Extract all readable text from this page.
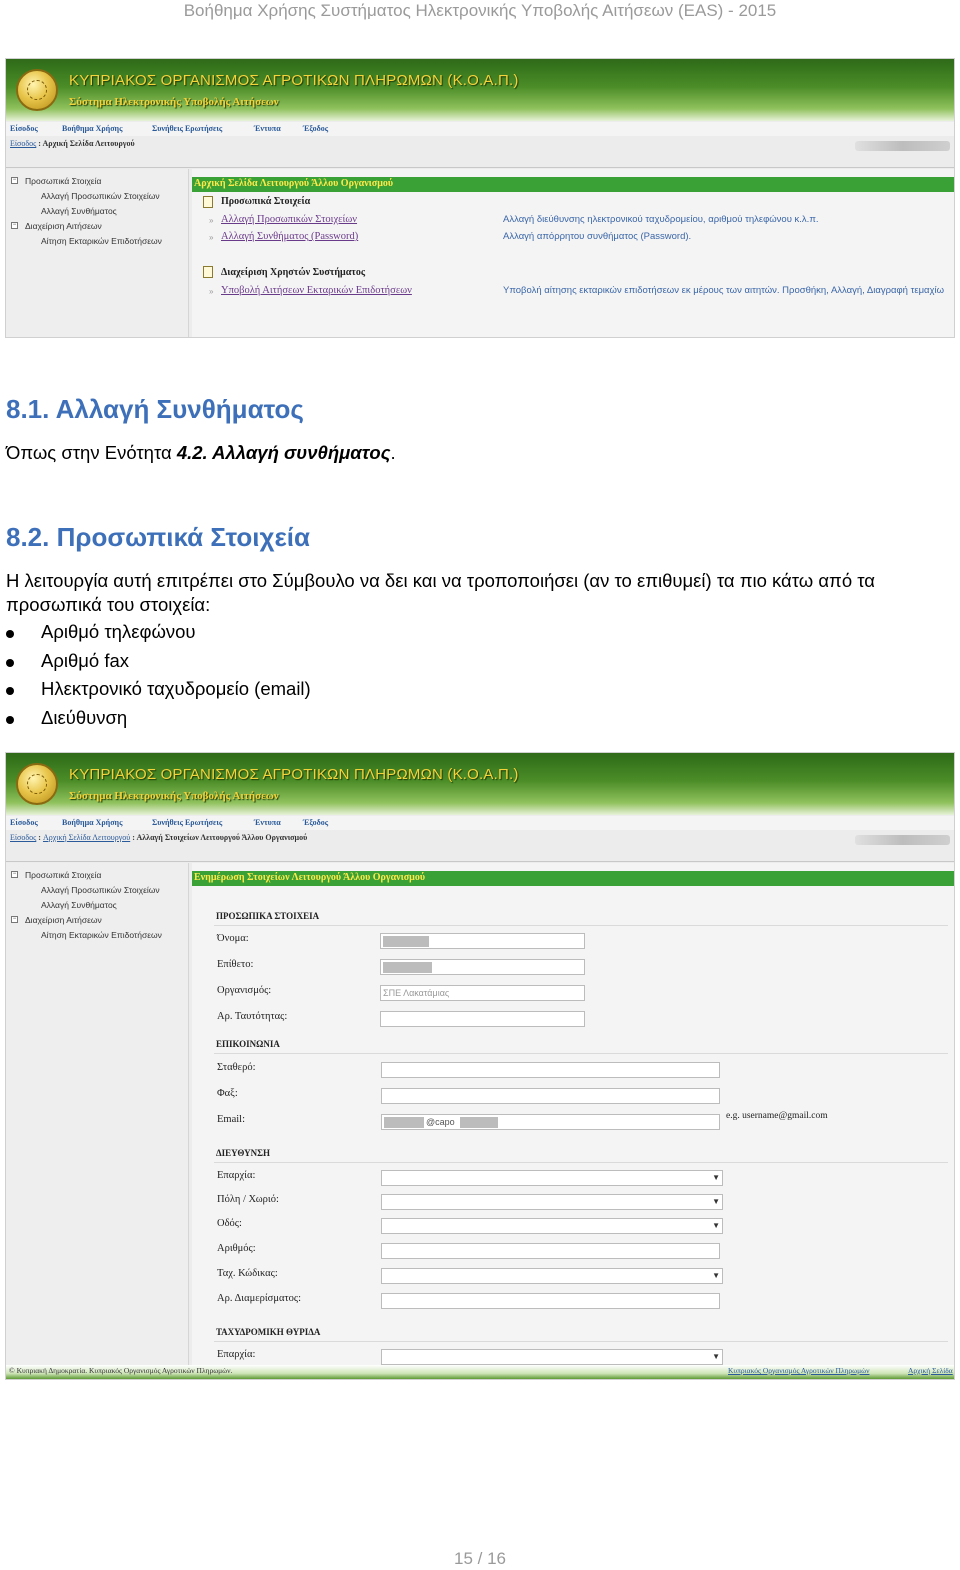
Βοήθημα Χρήσης Συστήματος Ηλεκτρονικής Υποβολής Αιτήσεων (EAS) - 2015
ΚΥΠΡΙΑΚΟΣ ΟΡΓΑΝΙΣΜΟΣ ΑΓΡΟΤΙΚΩΝ ΠΛΗΡΩΜΩΝ (Κ.Ο.Α.Π.)
Σύστημα Ηλεκτρονικής Υποβολής Αιτήσεων
Είσοδος	Βοήθημα Χρήσης	Συνήθεις Ερωτήσεις	Έντυπα	Έξοδος
Είσοδος : Αρχική Σελίδα Λειτουργού
− Προσωπικά Στοιχεία
Αλλαγή Προσωπικών Στοιχείων
Αλλαγή Συνθήματος
− Διαχείριση Αιτήσεων
Αίτηση Εκταρικών Επιδοτήσεων
Αρχική Σελίδα Λειτουργού Άλλου Οργανισμού
Προσωπικά Στοιχεία
» Αλλαγή Προσωπικών Στοιχείων	Αλλαγή διεύθυνσης ηλεκτρονικού ταχυδρομείου, αριθμού τηλεφώνου κ.λ.π.
» Αλλαγή Συνθήματος (Password)	Αλλαγή απόρρητου συνθήματος (Password).
Διαχείριση Χρηστών Συστήματος
» Υποβολή Αιτήσεων Εκταρικών Επιδοτήσεων	Υποβολή αίτησης εκταρικών επιδοτήσεων εκ μέρους των αιτητών. Προσθήκη, Αλλαγή, Διαγραφή τεμαχίω
8.1. Αλλαγή Συνθήματος
Όπως στην Ενότητα 4.2. Αλλαγή συνθήματος.
8.2. Προσωπικά Στοιχεία
Η λειτουργία αυτή επιτρέπει στο Σύμβουλο να δει και να τροποποιήσει (αν το επιθυμεί) τα πιο κάτω από τα προσωπικά του στοιχεία:
Αριθμό τηλεφώνου
Αριθμό fax
Ηλεκτρονικό ταχυδρομείο (email)
Διεύθυνση
ΚΥΠΡΙΑΚΟΣ ΟΡΓΑΝΙΣΜΟΣ ΑΓΡΟΤΙΚΩΝ ΠΛΗΡΩΜΩΝ (Κ.Ο.Α.Π.)
Σύστημα Ηλεκτρονικής Υποβολής Αιτήσεων
Είσοδος	Βοήθημα Χρήσης	Συνήθεις Ερωτήσεις	Έντυπα	Έξοδος
Είσοδος : Αρχική Σελίδα Λειτουργού : Αλλαγή Στοιχείων Λειτουργού Άλλου Οργανισμού
− Προσωπικά Στοιχεία
Αλλαγή Προσωπικών Στοιχείων
Αλλαγή Συνθήματος
− Διαχείριση Αιτήσεων
Αίτηση Εκταρικών Επιδοτήσεων
Ενημέρωση Στοιχείων Λειτουργού Άλλου Οργανισμού
ΠΡΟΣΩΠΙΚΑ ΣΤΟΙΧΕΙΑ
Όνομα:
Επίθετο:
Οργανισμός:	ΣΠΕ Λακατάμιας
Αρ. Ταυτότητας:
ΕΠΙΚΟΙΝΩΝΙΑ
Σταθερό:
Φαξ:
Email:	@capo
e.g. username@gmail.com
ΔΙΕΥΘΥΝΣΗ
Επαρχία:	▼
Πόλη / Χωριό:	▼
Οδός:	▼
Αριθμός:
Ταχ. Κώδικας:	▼
Αρ. Διαμερίσματος:
ΤΑΧΥΔΡΟΜΙΚΗ ΘΥΡΙΔΑ
Επαρχία:	▼
© Κυπριακή Δημοκρατία. Κυπριακός Οργανισμός Αγροτικών Πληρωμών.	Κυπριακός Οργανισμός Αγροτικών Πληρωμών	Αρχική Σελίδα
15 / 16
